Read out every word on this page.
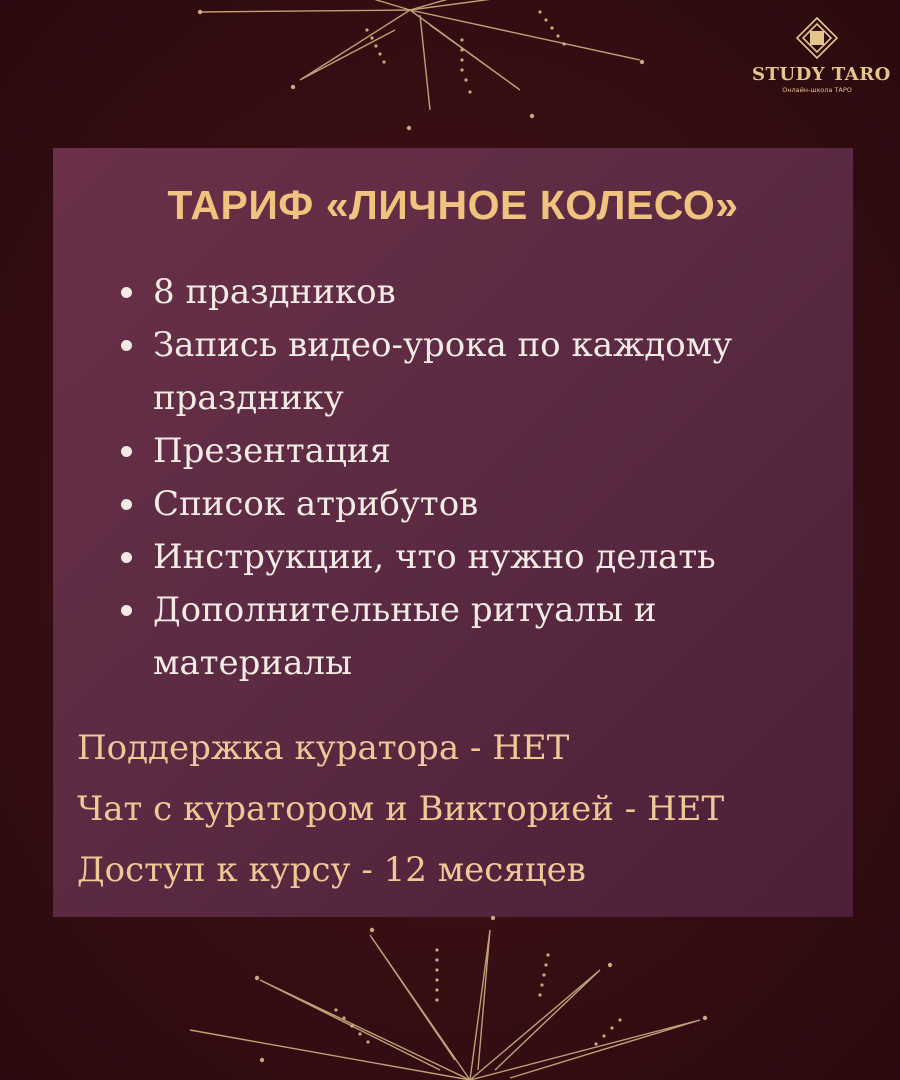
STUDY TARO
Онлайн-школа ТАРО
ТАРИФ «ЛИЧНОЕ КОЛЕСО»
8 праздников
Запись видео-урока по каждому празднику
Презентация
Список атрибутов
Инструкции, что нужно делать
Дополнительные ритуалы и материалы
Поддержка куратора - НЕТ
Чат с куратором и Викторией - НЕТ
Доступ к курсу - 12 месяцев
